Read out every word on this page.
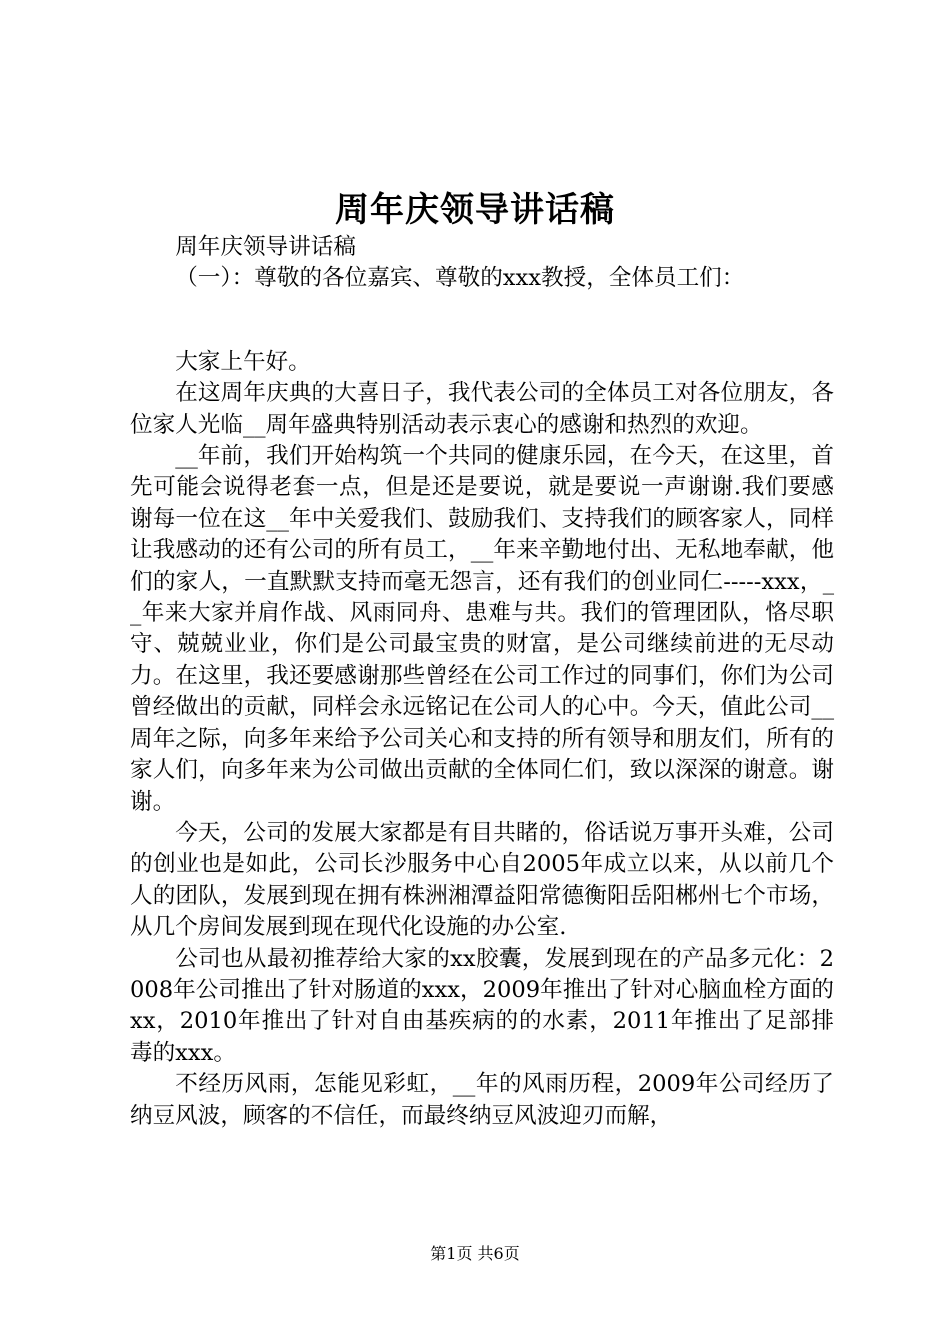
周年庆领导讲话稿

周年庆领导讲话稿

（一）：尊敬的各位嘉宾、尊敬的xxx教授，全体员工们：

大家上午好。

在这周年庆典的大喜日子，我代表公司的全体员工对各位朋友，各位家人光临__周年盛典特别活动表示衷心的感谢和热烈的欢迎。

__年前，我们开始构筑一个共同的健康乐园，在今天，在这里，首先可能会说得老套一点，但是还是要说，就是要说一声谢谢.我们要感谢每一位在这__年中关爱我们、鼓励我们、支持我们的顾客家人，同样让我感动的还有公司的所有员工，__年来辛勤地付出、无私地奉献，他们的家人，一直默默支持而毫无怨言，还有我们的创业同仁-----xxx，__年来大家并肩作战、风雨同舟、患难与共。我们的管理团队，恪尽职守、兢兢业业，你们是公司最宝贵的财富，是公司继续前进的无尽动力。在这里，我还要感谢那些曾经在公司工作过的同事们，你们为公司曾经做出的贡献，同样会永远铭记在公司人的心中。今天，值此公司__周年之际，向多年来给予公司关心和支持的所有领导和朋友们，所有的家人们，向多年来为公司做出贡献的全体同仁们，致以深深的谢意。谢谢。

今天，公司的发展大家都是有目共睹的，俗话说万事开头难，公司的创业也是如此，公司长沙服务中心自2005年成立以来，从以前几个人的团队，发展到现在拥有株洲湘潭益阳常德衡阳岳阳郴州七个市场，从几个房间发展到现在现代化设施的办公室.

公司也从最初推荐给大家的xx胶囊，发展到现在的产品多元化：2008年公司推出了针对肠道的xxx，2009年推出了针对心脑血栓方面的xx，2010年推出了针对自由基疾病的的水素，2011年推出了足部排毒的xxx。

不经历风雨，怎能见彩虹，__年的风雨历程，2009年公司经历了纳豆风波，顾客的不信任，而最终纳豆风波迎刃而解，

第1页 共6页
